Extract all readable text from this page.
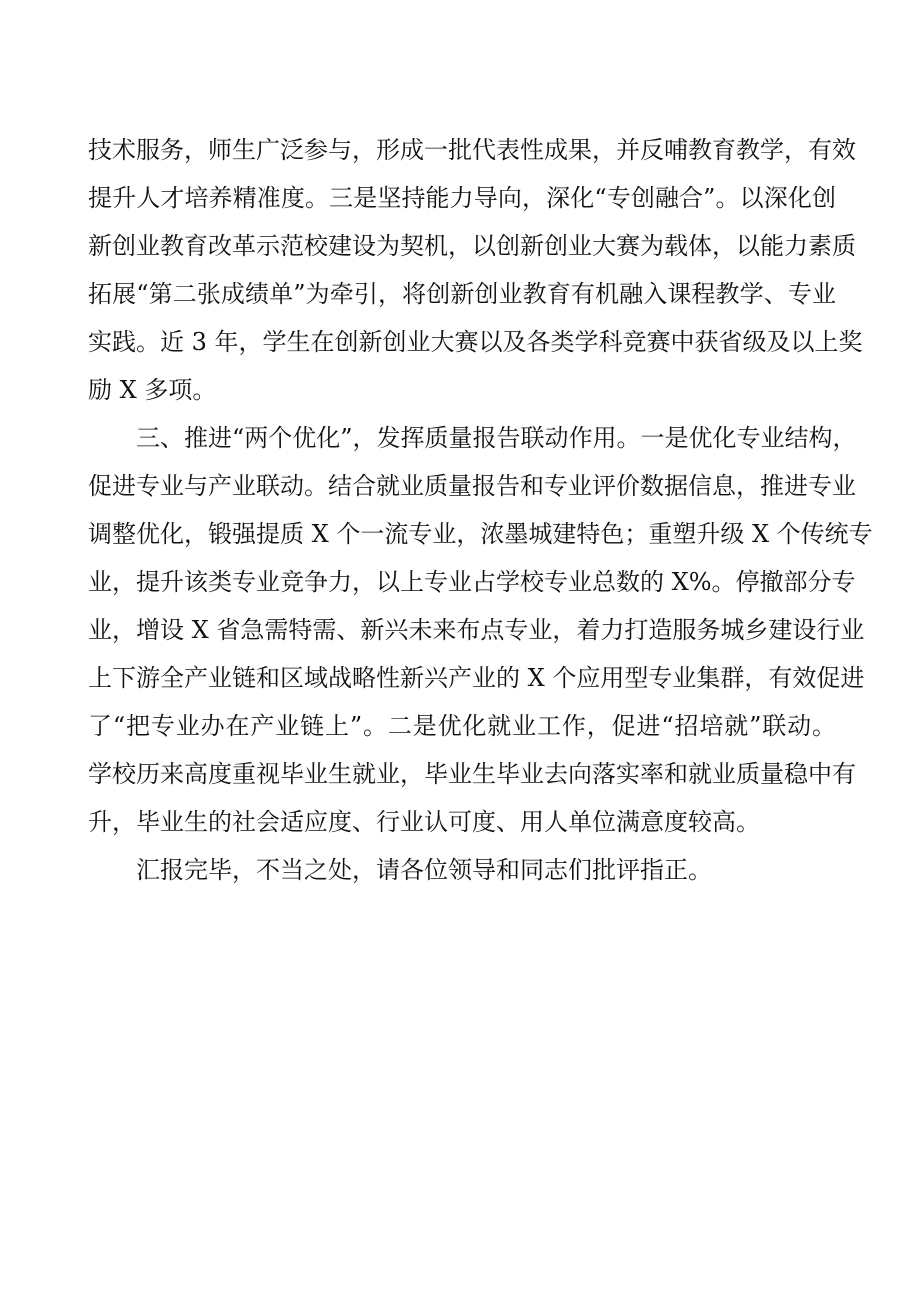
技术服务，师生广泛参与，形成一批代表性成果，并反哺教育教学，有效
提升人才培养精准度。三是坚持能力导向，深化“专创融合”。以深化创
新创业教育改革示范校建设为契机，以创新创业大赛为载体，以能力素质
拓展“第二张成绩单”为牵引，将创新创业教育有机融入课程教学、专业
实践。近 3 年，学生在创新创业大赛以及各类学科竞赛中获省级及以上奖
励 X 多项。
三、推进“两个优化”，发挥质量报告联动作用。一是优化专业结构，
促进专业与产业联动。结合就业质量报告和专业评价数据信息，推进专业
调整优化，锻强提质 X 个一流专业，浓墨城建特色；重塑升级 X 个传统专
业，提升该类专业竞争力，以上专业占学校专业总数的 X%。停撤部分专
业，增设 X 省急需特需、新兴未来布点专业，着力打造服务城乡建设行业
上下游全产业链和区域战略性新兴产业的 X 个应用型专业集群，有效促进
了“把专业办在产业链上”。二是优化就业工作，促进“招培就”联动。
学校历来高度重视毕业生就业，毕业生毕业去向落实率和就业质量稳中有
升，毕业生的社会适应度、行业认可度、用人单位满意度较高。
汇报完毕，不当之处，请各位领导和同志们批评指正。
